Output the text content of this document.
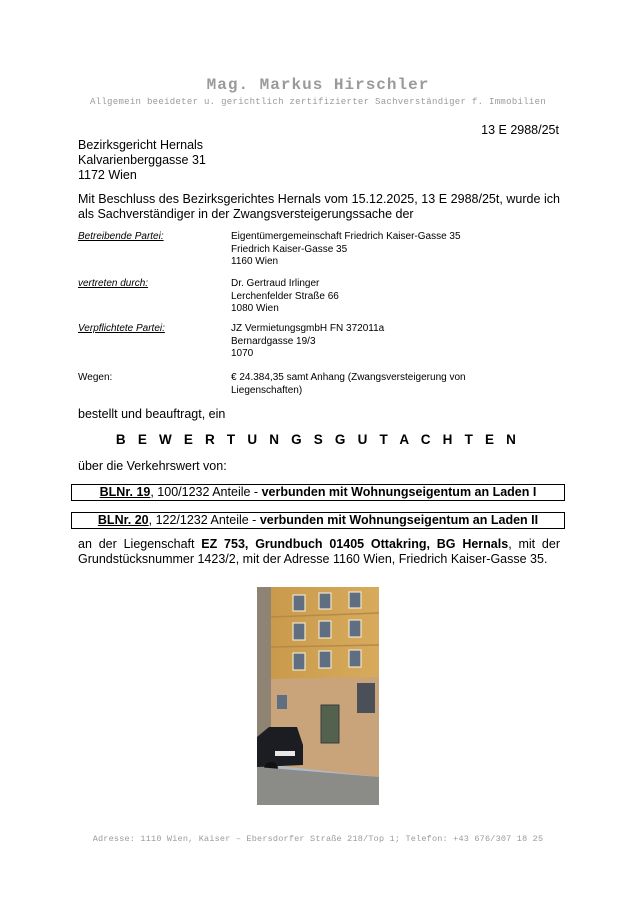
Mag. Markus Hirschler
Allgemein beeideter u. gerichtlich zertifizierter Sachverständiger f. Immobilien
13 E 2988/25t
Bezirksgericht Hernals
Kalvarienberggasse 31
1172 Wien
Mit Beschluss des Bezirksgerichtes Hernals vom 15.12.2025, 13 E 2988/25t, wurde ich als Sachverständiger in der Zwangsversteigerungssache der
Betreibende Partei:	Eigentümergemeinschaft Friedrich Kaiser-Gasse 35
Friedrich Kaiser-Gasse 35
1160 Wien
vertreten durch:	Dr. Gertraud Irlinger
Lerchenfelder Straße 66
1080 Wien
Verpflichtete Partei:	JZ VermietungsgmbH FN 372011a
Bernardgasse 19/3
1070
Wegen:	€ 24.384,35 samt Anhang (Zwangsversteigerung von
Liegenschaften)
bestellt und beauftragt, ein
B E W E R T U N G S G U T A C H T E N
über die Verkehrswert von:
BLNr. 19, 100/1232 Anteile - verbunden mit Wohnungseigentum an Laden I
BLNr. 20, 122/1232 Anteile - verbunden mit Wohnungseigentum an Laden II
an der Liegenschaft EZ 753, Grundbuch 01405 Ottakring, BG Hernals, mit der Grundstücksnummer 1423/2, mit der Adresse 1160 Wien, Friedrich Kaiser-Gasse 35.
Adresse: 1110 Wien, Kaiser – Ebersdorfer Straße 218/Top 1; Telefon: +43 676/307 18 25
